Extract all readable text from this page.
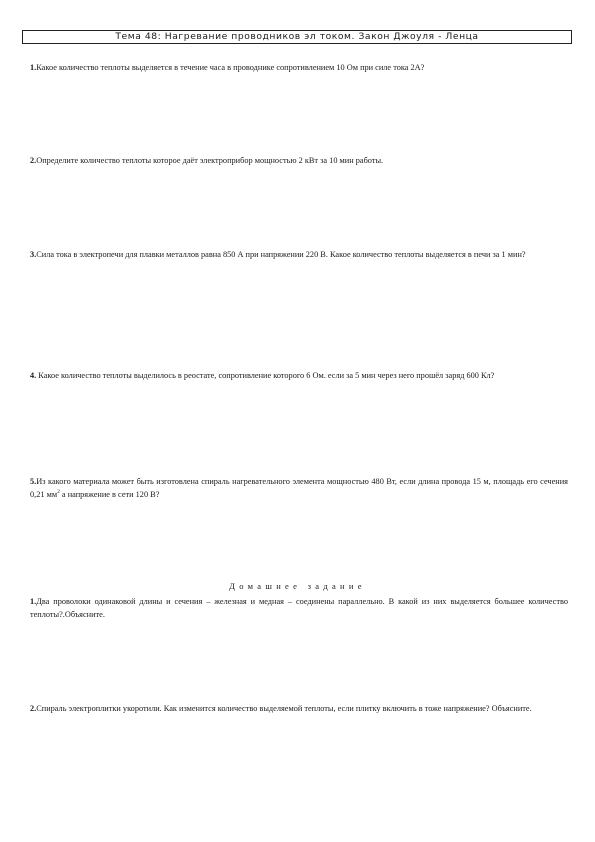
Тема 48: Нагревание проводников эл током. Закон Джоуля - Ленца

1.Какое количество теплоты выделяется в течение часа в проводнике сопротивлением 10 Ом при силе тока 2А?

2.Определите количество теплоты которое даёт электроприбор мощностью 2 кВт за 10 мин работы.

3.Сила тока в электропечи для плавки металлов равна 850 А при напряжении 220 В. Какое количество теплоты выделяется в печи за 1 мин?

4. Какое количество теплоты выделилось в реостате, сопротивление которого 6 Ом. если за 5 мин через него прошёл заряд 600 Кл?

5.Из какого материала может быть изготовлена спираль нагревательного элемента мощностью 480 Вт, если длина провода 15 м, площадь его сечения 0,21 $мм^2$ а напряжение в сети 120 В?

Домашнее задание

1.Два проволоки одинаковой длины и сечения – железная и медная – соединены параллельно. В какой из них выделяется большее количество теплоты?.Объясните.

2.Спираль электроплитки укоротили. Как изменится количество выделяемой теплоты, если плитку включить в тоже напряжение? Объясните.
